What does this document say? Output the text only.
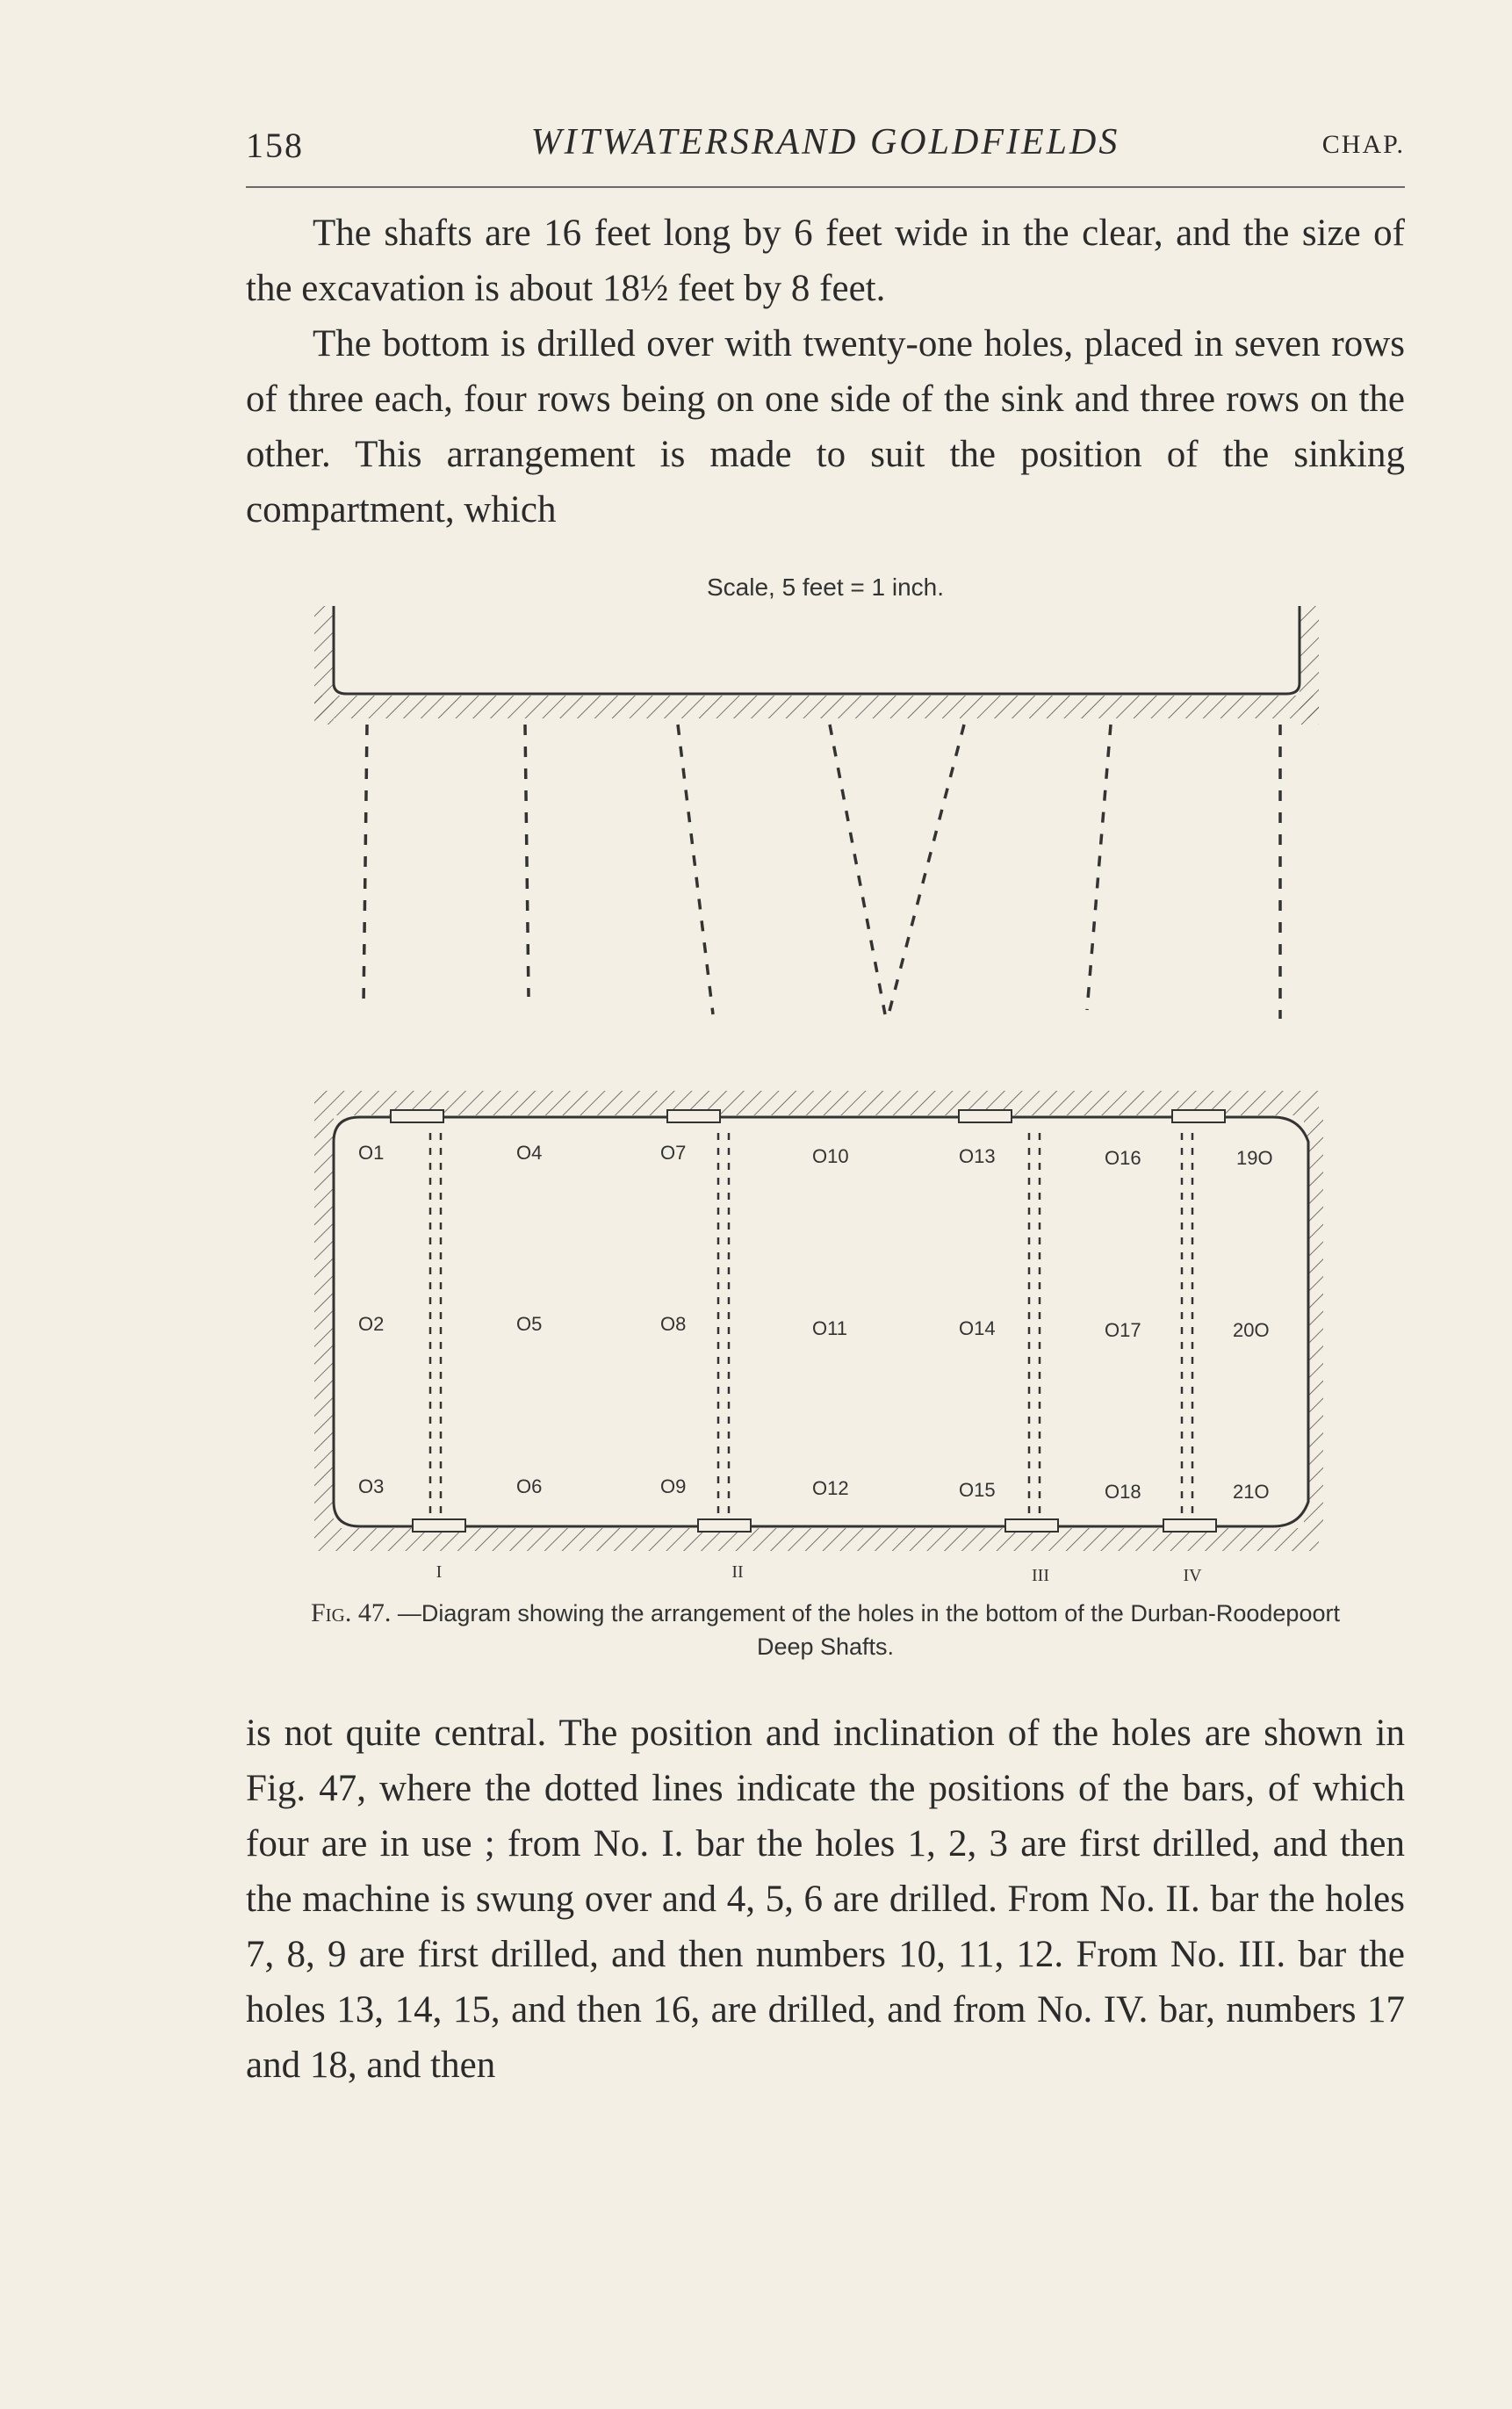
158	WITWATERSRAND GOLDFIELDS	CHAP.

The shafts are 16 feet long by 6 feet wide in the clear, and the size of the excavation is about 18½ feet by 8 feet.

The bottom is drilled over with twenty-one holes, placed in seven rows of three each, four rows being on one side of the sink and three rows on the other. This arrangement is made to suit the position of the sinking compartment, which

Scale, 5 feet = 1 inch.
O1
O2
O3
O4
O5
O6
O7
O8
O9
O10
O11
O12
O13
O14
O15
O16
O17
O18
19O
20O
21O
I	II	III	IV
Fig. 47. —Diagram showing the arrangement of the holes in the bottom of the Durban-Roodepoort Deep Shafts.

is not quite central. The position and inclination of the holes are shown in Fig. 47, where the dotted lines indicate the positions of the bars, of which four are in use ; from No. I. bar the holes 1, 2, 3 are first drilled, and then the machine is swung over and 4, 5, 6 are drilled. From No. II. bar the holes 7, 8, 9 are first drilled, and then numbers 10, 11, 12. From No. III. bar the holes 13, 14, 15, and then 16, are drilled, and from No. IV. bar, numbers 17 and 18, and then
